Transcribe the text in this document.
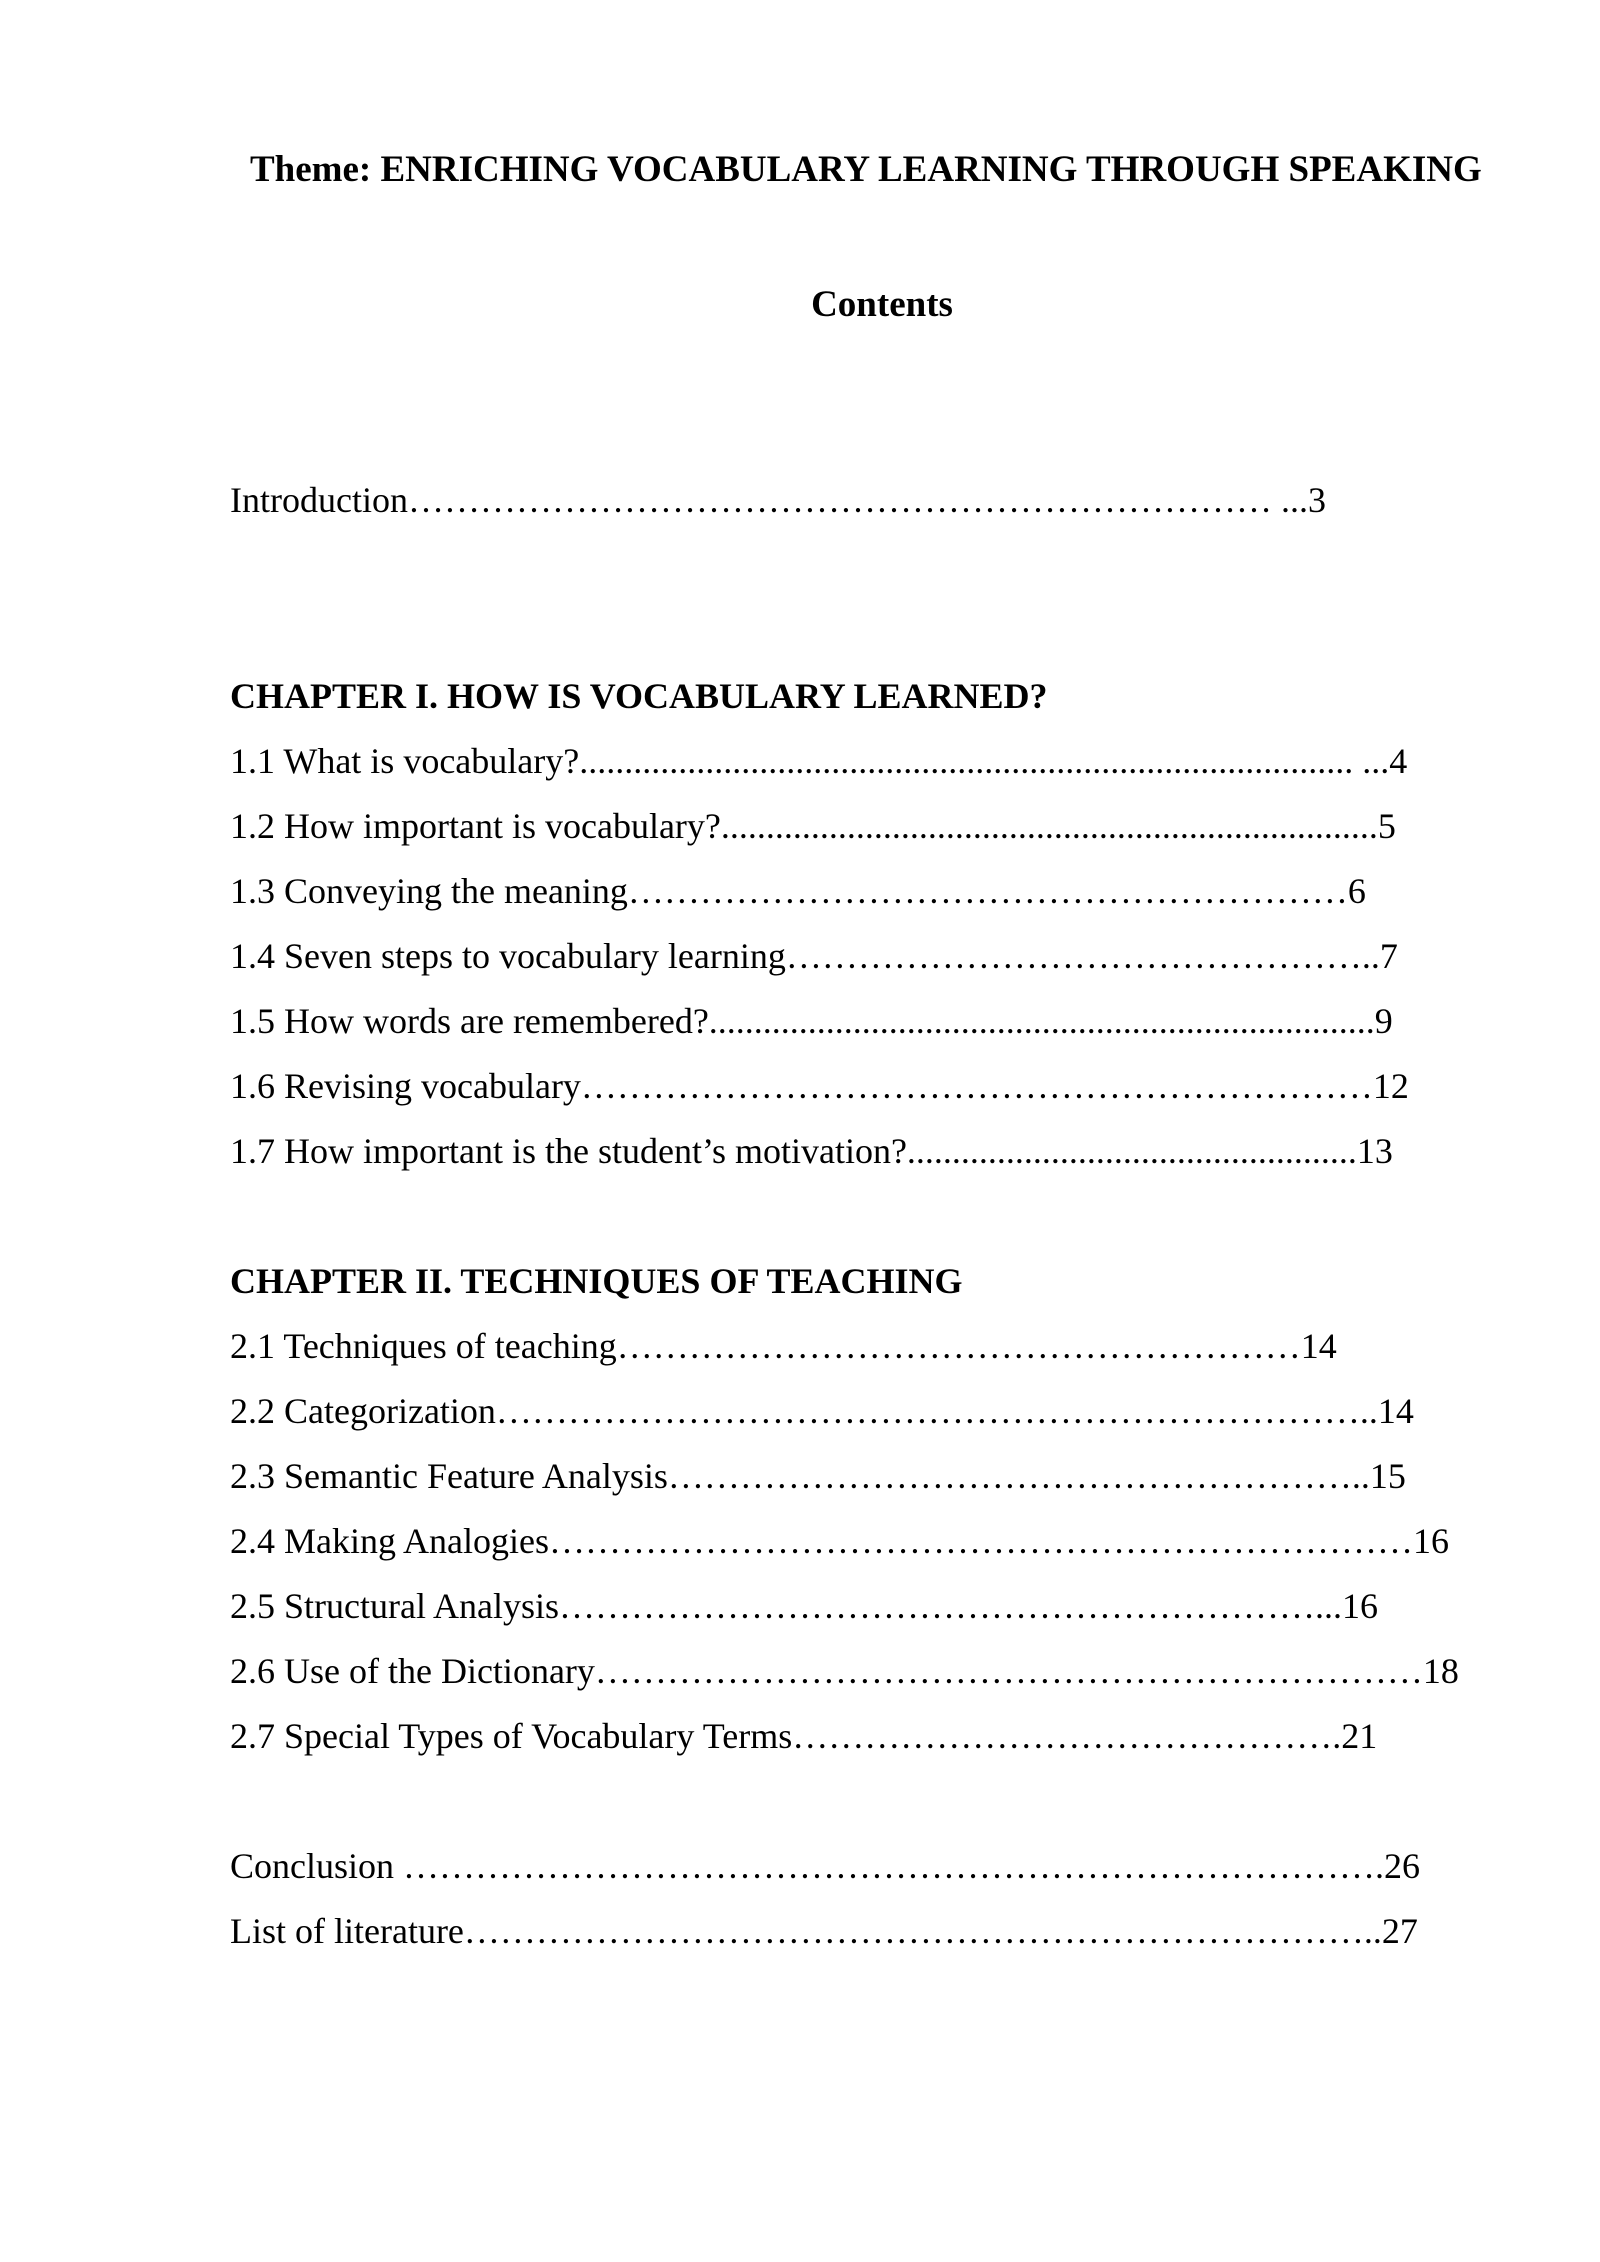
Theme: ENRICHING VOCABULARY LEARNING THROUGH SPEAKING
Contents
Introduction……………………………………………………………… ...3
CHAPTER I. HOW IS VOCABULARY LEARNED?
1.1 What is vocabulary?...................................................................................... ...4
1.2 How important is vocabulary?.........................................................................5
1.3 Conveying the meaning……………………………………………………6
1.4 Seven steps to vocabulary learning…………………………………………..7
1.5 How words are remembered?..........................................................................9
1.6 Revising vocabulary…………………………………………………………12
1.7 How important is the student’s motivation?..................................................13
CHAPTER II. TECHNIQUES OF TEACHING
2.1 Techniques of teaching…………………………………………………14
2.2 Categorization………………………………………………………………..14
2.3 Semantic Feature Analysis…………………………………………………..15
2.4 Making Analogies………………………………………………………………16
2.5 Structural Analysis………………………………………………………...16
2.6 Use of the Dictionary……………………………………………………………18
2.7 Special Types of Vocabulary Terms……………………………………….21
Conclusion ……………………………………………………………………….26
List of literature…………………………………………………………………..27
